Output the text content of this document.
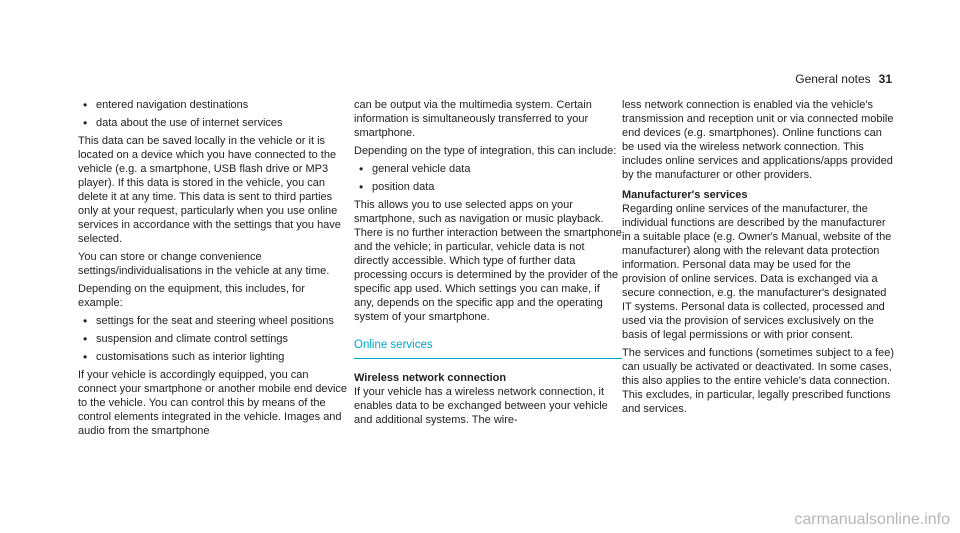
General notes 31
• entered navigation destinations
• data about the use of internet services

This data can be saved locally in the vehicle or it is located on a device which you have connected to the vehicle (e.g. a smartphone, USB flash drive or MP3 player). If this data is stored in the vehicle, you can delete it at any time. This data is sent to third parties only at your request, particularly when you use online services in accordance with the settings that you have selected.

You can store or change convenience settings/individualisations in the vehicle at any time.

Depending on the equipment, this includes, for example:

• settings for the seat and steering wheel positions
• suspension and climate control settings
• customisations such as interior lighting

If your vehicle is accordingly equipped, you can connect your smartphone or another mobile end device to the vehicle. You can control this by means of the control elements integrated in the vehicle. Images and audio from the smartphone

can be output via the multimedia system. Certain information is simultaneously transferred to your smartphone.

Depending on the type of integration, this can include:

• general vehicle data
• position data

This allows you to use selected apps on your smartphone, such as navigation or music playback. There is no further interaction between the smartphone and the vehicle; in particular, vehicle data is not directly accessible. Which type of further data processing occurs is determined by the provider of the specific app used. Which settings you can make, if any, depends on the specific app and the operating system of your smartphone.

Online services
Wireless network connection

If your vehicle has a wireless network connection, it enables data to be exchanged between your vehicle and additional systems. The wire-

less network connection is enabled via the vehicle's transmission and reception unit or via connected mobile end devices (e.g. smartphones). Online functions can be used via the wireless network connection. This includes online services and applications/apps provided by the manufacturer or other providers.

Manufacturer's services

Regarding online services of the manufacturer, the individual functions are described by the manufacturer in a suitable place (e.g. Owner's Manual, website of the manufacturer) along with the relevant data protection information. Personal data may be used for the provision of online services. Data is exchanged via a secure connection, e.g. the manufacturer's designated IT systems. Personal data is collected, processed and used via the provision of services exclusively on the basis of legal permissions or with prior consent.

The services and functions (sometimes subject to a fee) can usually be activated or deactivated. In some cases, this also applies to the entire vehicle's data connection. This excludes, in particular, legally prescribed functions and services.

carmanualsonline.info
